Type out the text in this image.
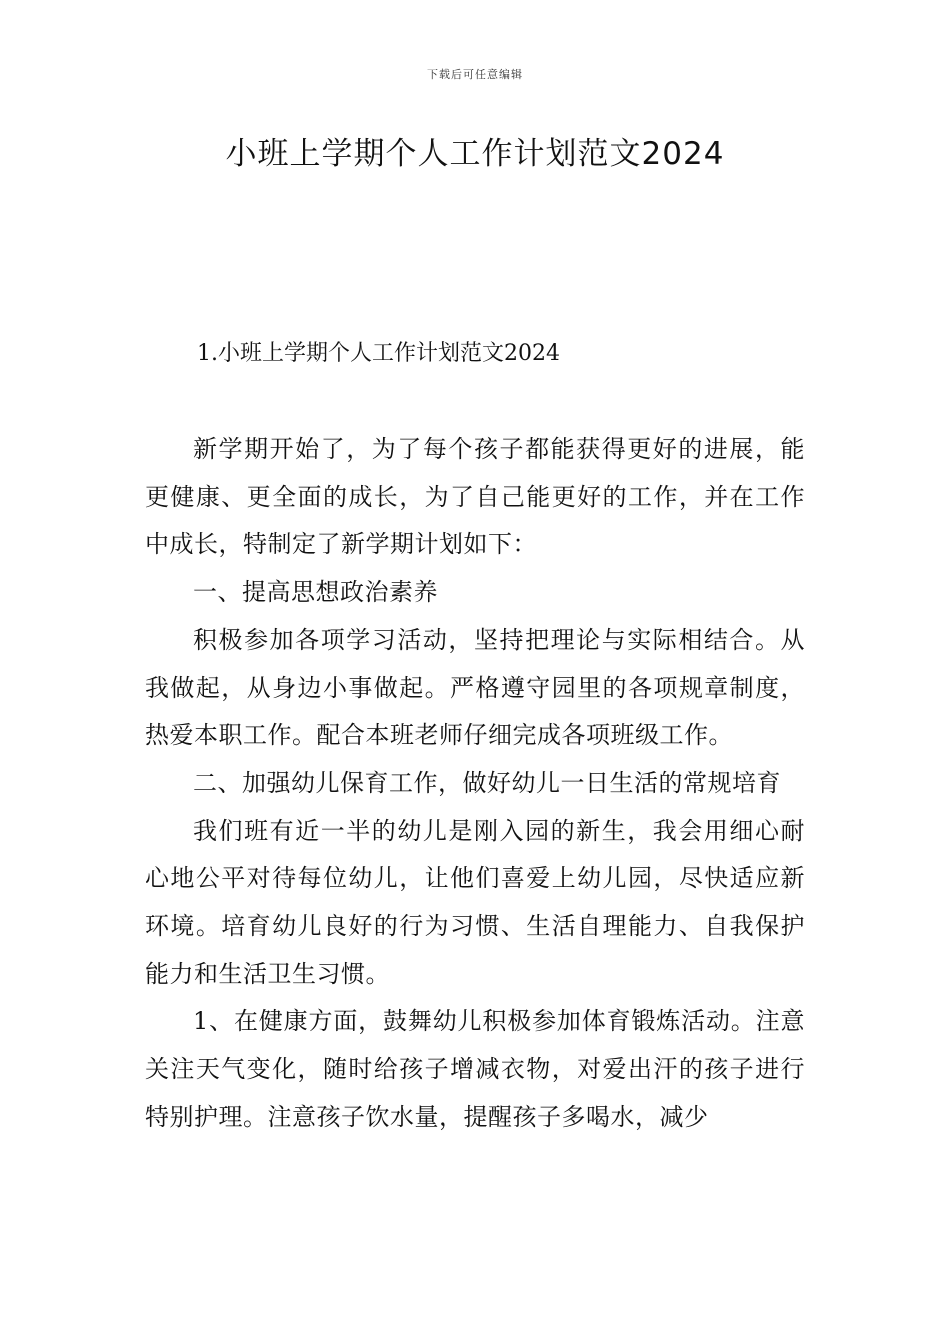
下载后可任意编辑
小班上学期个人工作计划范文2024
1.小班上学期个人工作计划范文2024

新学期开始了，为了每个孩子都能获得更好的进展，能更健康、更全面的成长，为了自己能更好的工作，并在工作中成长，特制定了新学期计划如下：

一、提高思想政治素养

积极参加各项学习活动，坚持把理论与实际相结合。从我做起，从身边小事做起。严格遵守园里的各项规章制度，热爱本职工作。配合本班老师仔细完成各项班级工作。

二、加强幼儿保育工作，做好幼儿一日生活的常规培育

我们班有近一半的幼儿是刚入园的新生，我会用细心耐心地公平对待每位幼儿，让他们喜爱上幼儿园，尽快适应新环境。培育幼儿良好的行为习惯、生活自理能力、自我保护能力和生活卫生习惯。

1、在健康方面，鼓舞幼儿积极参加体育锻炼活动。注意关注天气变化，随时给孩子增减衣物，对爱出汗的孩子进行特别护理。注意孩子饮水量，提醒孩子多喝水，减少
